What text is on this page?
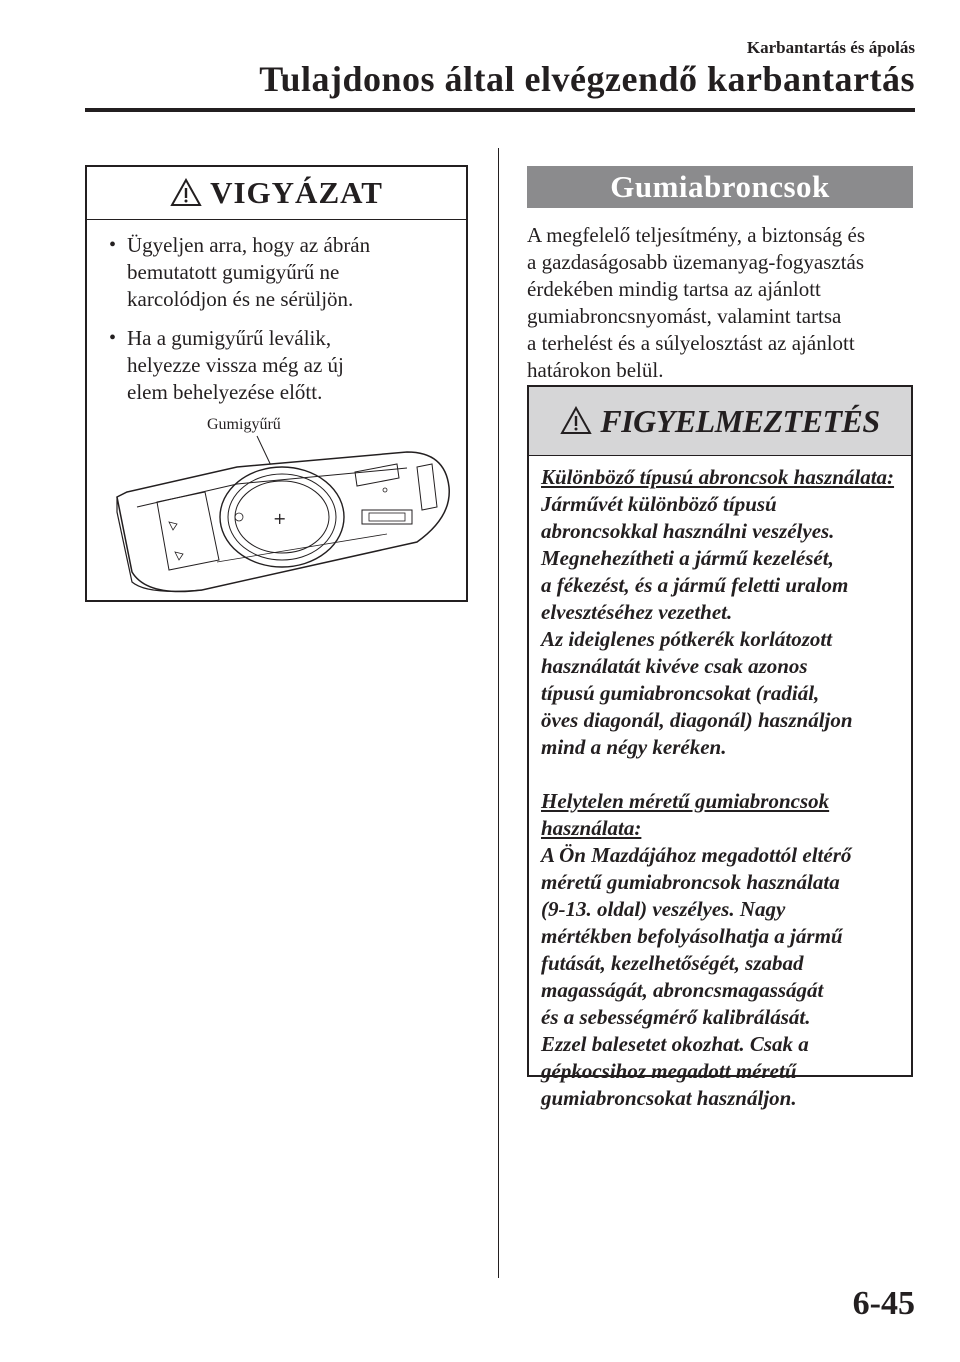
Karbantartás és ápolás
Tulajdonos által elvégzendő karbantartás
VIGYÁZAT
• Ügyeljen arra, hogy az ábrán
bemutatott gumigyűrű ne
karcolódjon és ne sérüljön.
• Ha a gumigyűrű leválik,
helyezze vissza még az új
elem behelyezése előtt.
Gumigyűrű
+
Gumiabroncsok

A megfelelő teljesítmény, a biztonság és

a gazdaságosabb üzemanyag-fogyasztás

érdekében mindig tartsa az ajánlott

gumiabroncsnyomást, valamint tartsa

a terhelést és a súlyelosztást az ajánlott

határokon belül.

FIGYELMEZTETÉS
Különböző típusú abroncsok használata:
Járművét különböző típusú
abroncsokkal használni veszélyes.
Megnehezítheti a jármű kezelését,
a fékezést, és a jármű feletti uralom
elvesztéséhez vezethet.
Az ideiglenes pótkerék korlátozott
használatát kivéve csak azonos
típusú gumiabroncsokat (radiál,
öves diagonál, diagonál) használjon
mind a négy keréken.
Helytelen méretű gumiabroncsok
használata:
A Ön Mazdájához megadottól eltérő
méretű gumiabroncsok használata
(9-13. oldal) veszélyes. Nagy
mértékben befolyásolhatja a jármű
futását, kezelhetőségét, szabad
magasságát, abroncsmagasságát
és a sebességmérő kalibrálását.
Ezzel balesetet okozhat. Csak a
gépkocsihoz megadott méretű
gumiabroncsokat használjon.
6-45
